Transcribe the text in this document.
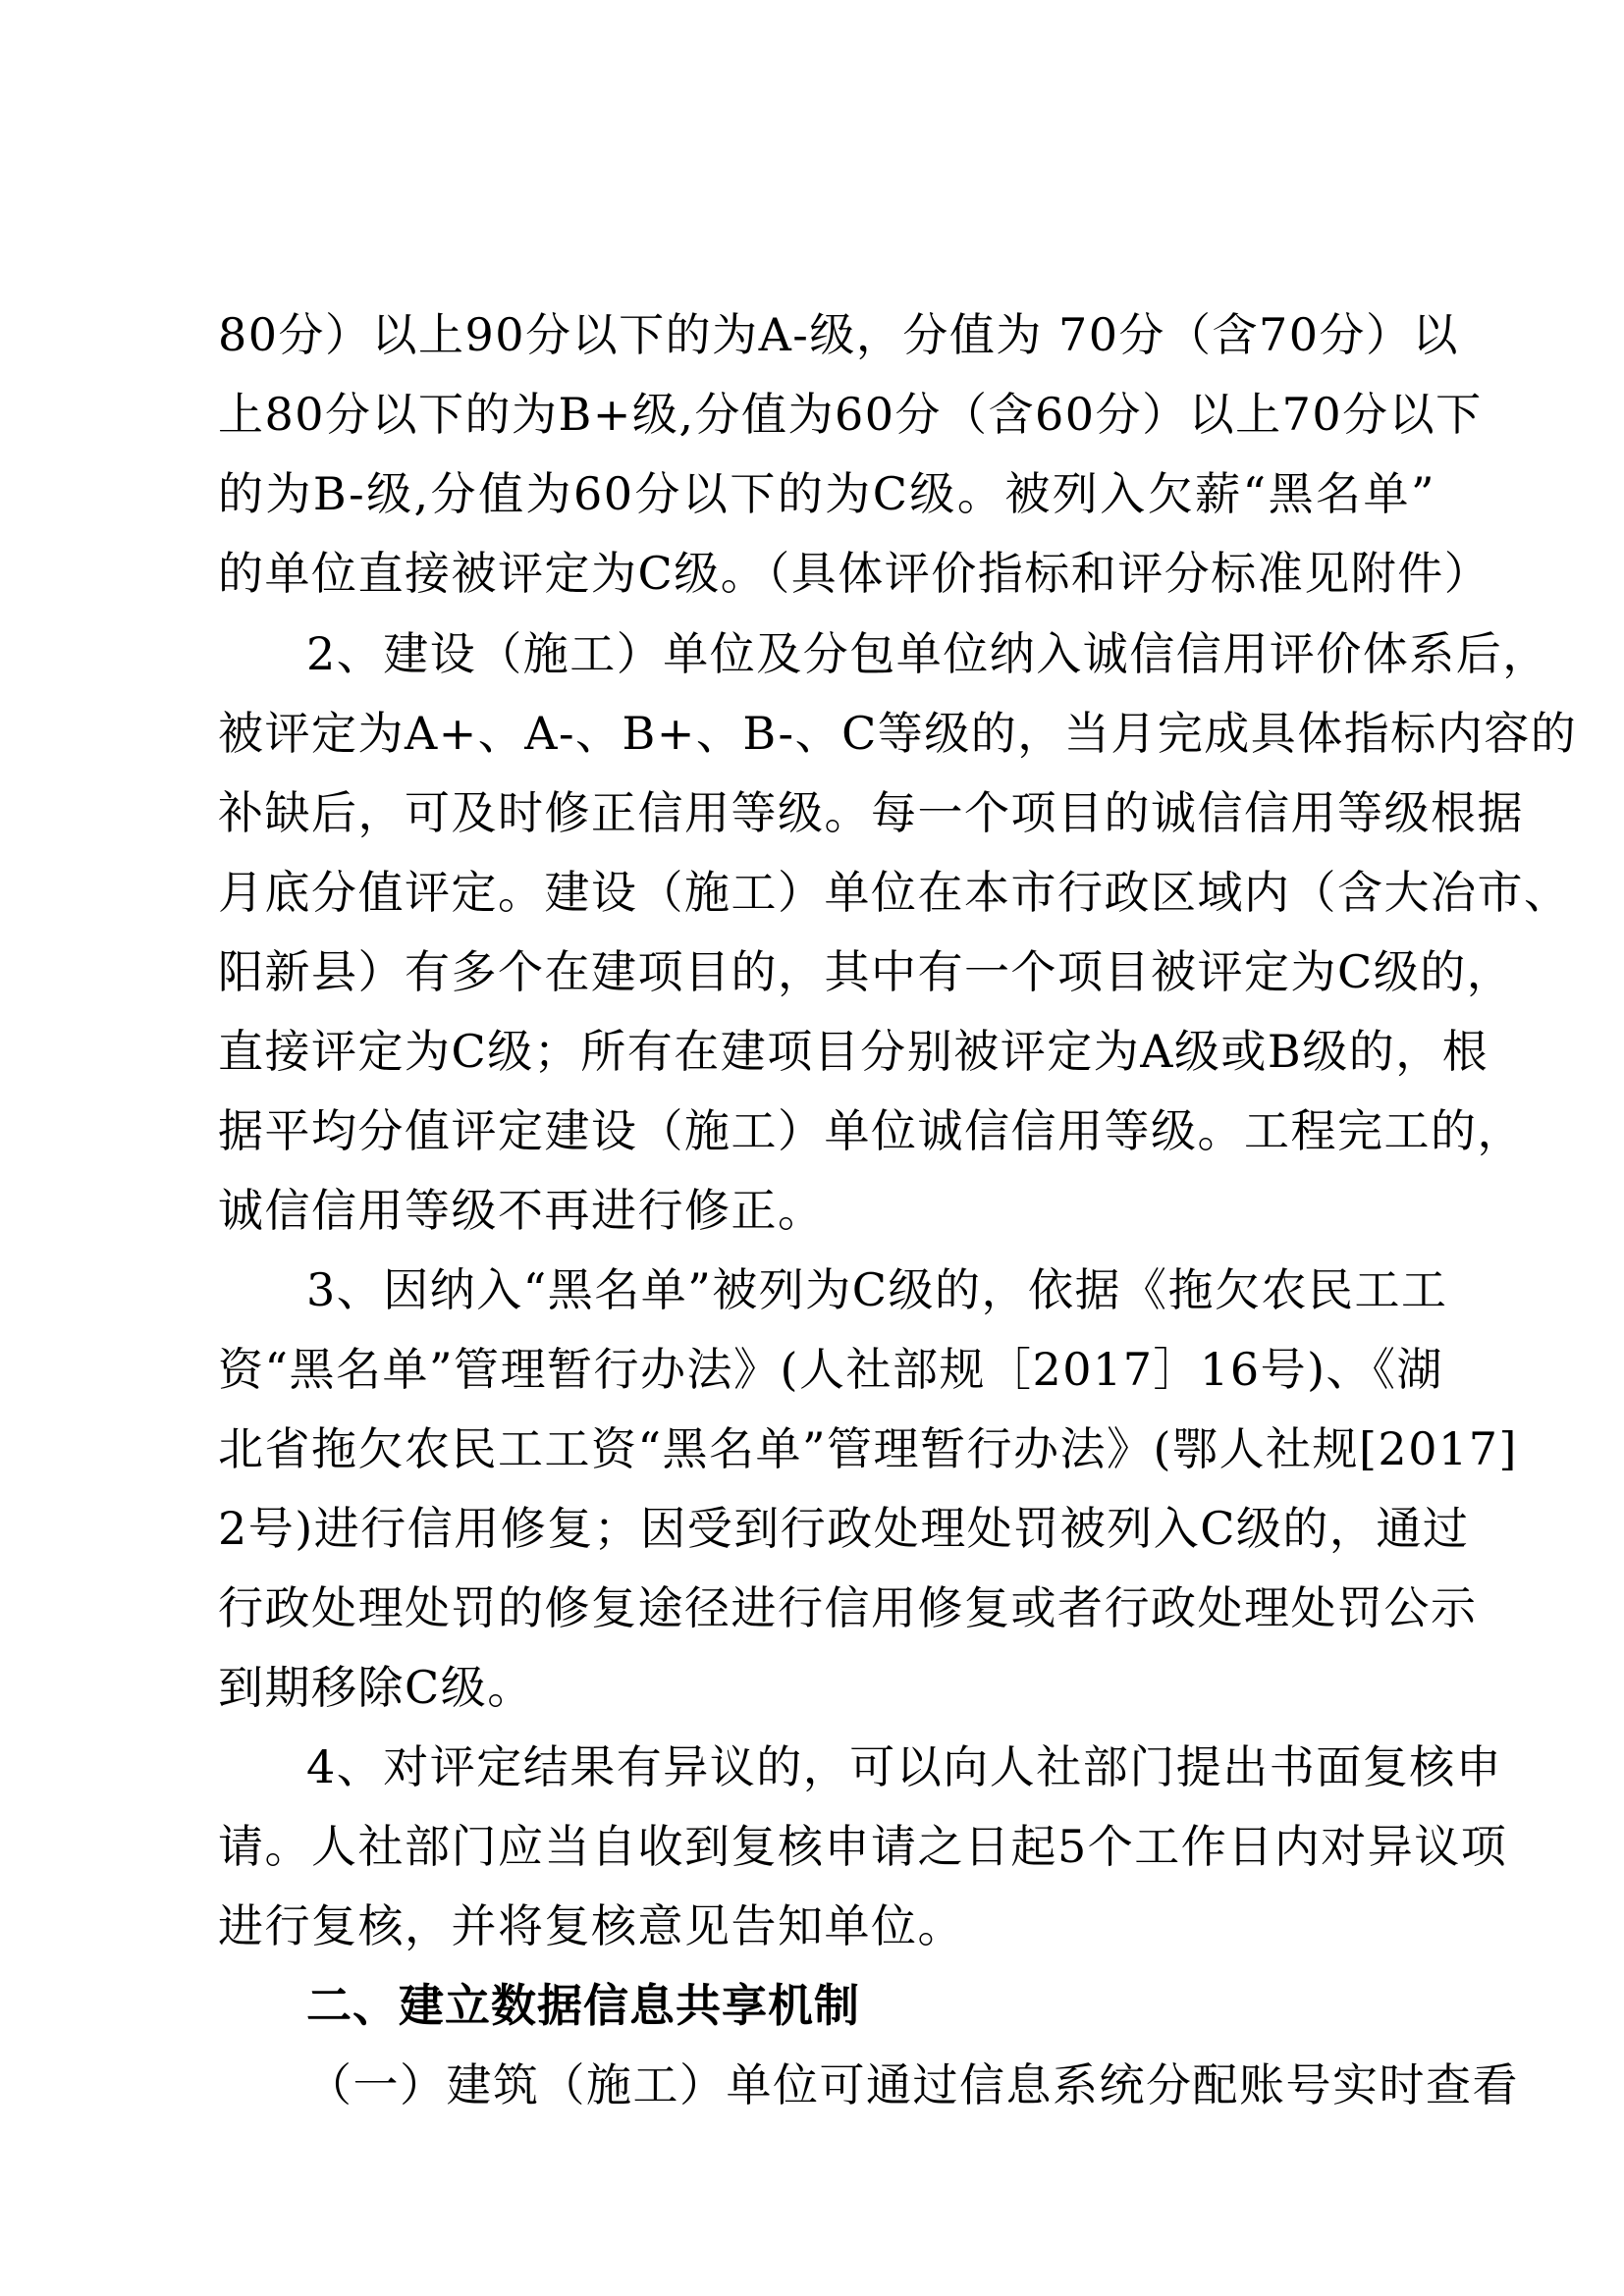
80分）以上90分以下的为A-级，分值为 70分（含70分）以
上80分以下的为B+级,分值为60分（含60分）以上70分以下
的为B-级,分值为60分以下的为C级。被列入欠薪“黑名单”
的单位直接被评定为C级。（具体评价指标和评分标准见附件）
2、建设（施工）单位及分包单位纳入诚信信用评价体系后，
被评定为A+、A-、B+、B-、C等级的，当月完成具体指标内容的
补缺后，可及时修正信用等级。每一个项目的诚信信用等级根据
月底分值评定。建设（施工）单位在本市行政区域内（含大冶市、
阳新县）有多个在建项目的，其中有一个项目被评定为C级的，
直接评定为C级；所有在建项目分别被评定为A级或B级的，根
据平均分值评定建设（施工）单位诚信信用等级。工程完工的，
诚信信用等级不再进行修正。
3、因纳入“黑名单”被列为C级的，依据《拖欠农民工工
资“黑名单”管理暂行办法》(人社部规［2017］16号)、《湖
北省拖欠农民工工资“黑名单”管理暂行办法》(鄂人社规[2017]
2号)进行信用修复；因受到行政处理处罚被列入C级的，通过
行政处理处罚的修复途径进行信用修复或者行政处理处罚公示
到期移除C级。
4、对评定结果有异议的，可以向人社部门提出书面复核申
请。人社部门应当自收到复核申请之日起5个工作日内对异议项
进行复核，并将复核意见告知单位。
二、建立数据信息共享机制
（一）建筑（施工）单位可通过信息系统分配账号实时查看
